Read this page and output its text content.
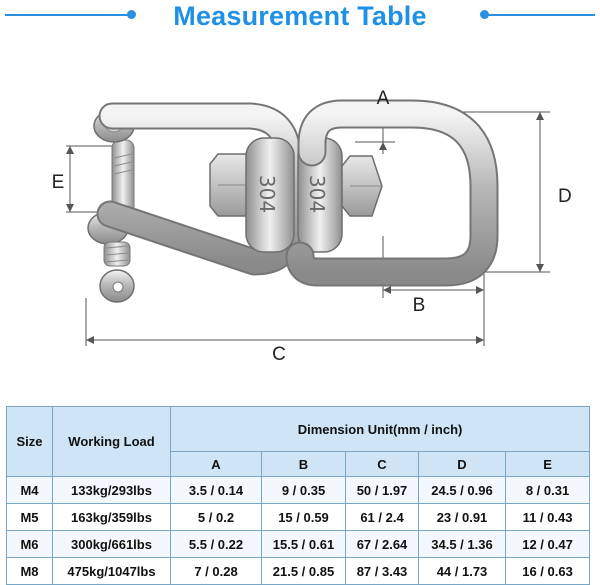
Measurement Table
304 304
A
D
B
E
C
Size	Working Load	Dimension Unit(mm / inch)				
		A	B	C	D	E
M4	133kg/293lbs	3.5 / 0.14	9 / 0.35	50 / 1.97	24.5 / 0.96	8 / 0.31
M5	163kg/359lbs	5 / 0.2	15 / 0.59	61 / 2.4	23 / 0.91	11 / 0.43
M6	300kg/661lbs	5.5 / 0.22	15.5 / 0.61	67 / 2.64	34.5 / 1.36	12 / 0.47
M8	475kg/1047lbs	7 / 0.28	21.5 / 0.85	87 / 3.43	44 / 1.73	16 / 0.63
